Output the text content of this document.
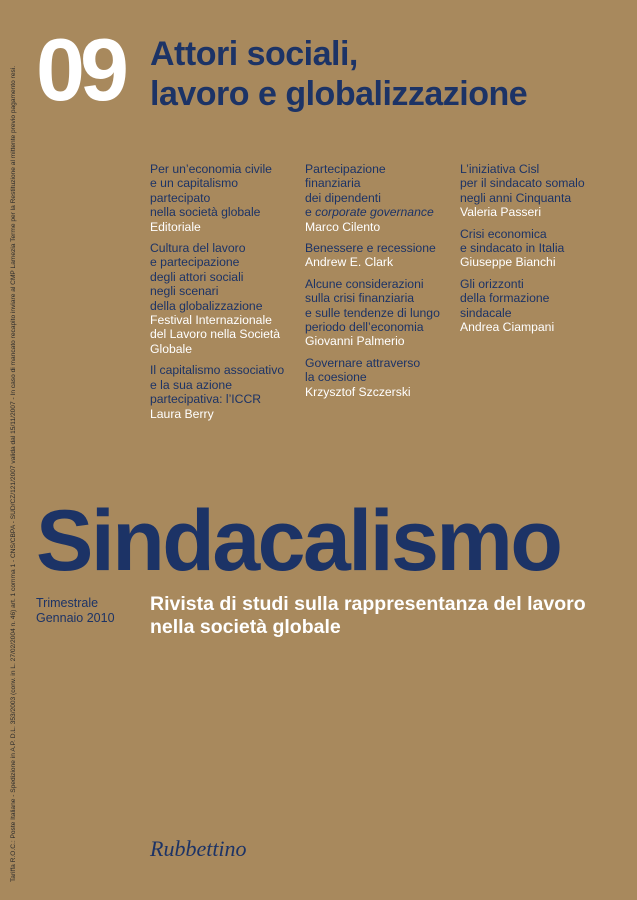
09 Attori sociali,
lavoro e globalizzazione
Per un’economia civile
e un capitalismo
partecipato
nella società globale
Editoriale
Cultura del lavoro
e partecipazione
degli attori sociali
negli scenari
della globalizzazione
Festival Internazionale
del Lavoro nella Società
Globale
Il capitalismo associativo
e la sua azione
partecipativa: l’ICCR
Laura Berry
Partecipazione
finanziaria
dei dipendenti
e corporate governance
Marco Cilento
Benessere e recessione
Andrew E. Clark
Alcune considerazioni
sulla crisi finanziaria
e sulle tendenze di lungo
periodo dell’economia
Giovanni Palmerio
Governare attraverso
la coesione
Krzysztof Szczerski
L’iniziativa Cisl
per il sindacato somalo
negli anni Cinquanta
Valeria Passeri
Crisi economica
e sindacato in Italia
Giuseppe Bianchi
Gli orizzonti
della formazione
sindacale
Andrea Ciampani
Sindacalismo
Trimestrale
Gennaio 2010
Rivista di studi sulla rappresentanza del lavoro
nella società globale
Rubbettino
Tariffa R.O.C.: Poste Italiane - Spedizione in A.P. D.L. 353/2003 (conv. in L. 27/02/2004 n. 46) art. 1 comma 1 - CNS/CBPA - SUD/CZ/121/2007 valida dal 15/11/2007 - In caso di mancato recapito inviare al CMP Lamezia Terme per la Restituzione al mittente previo pagamento resi.
